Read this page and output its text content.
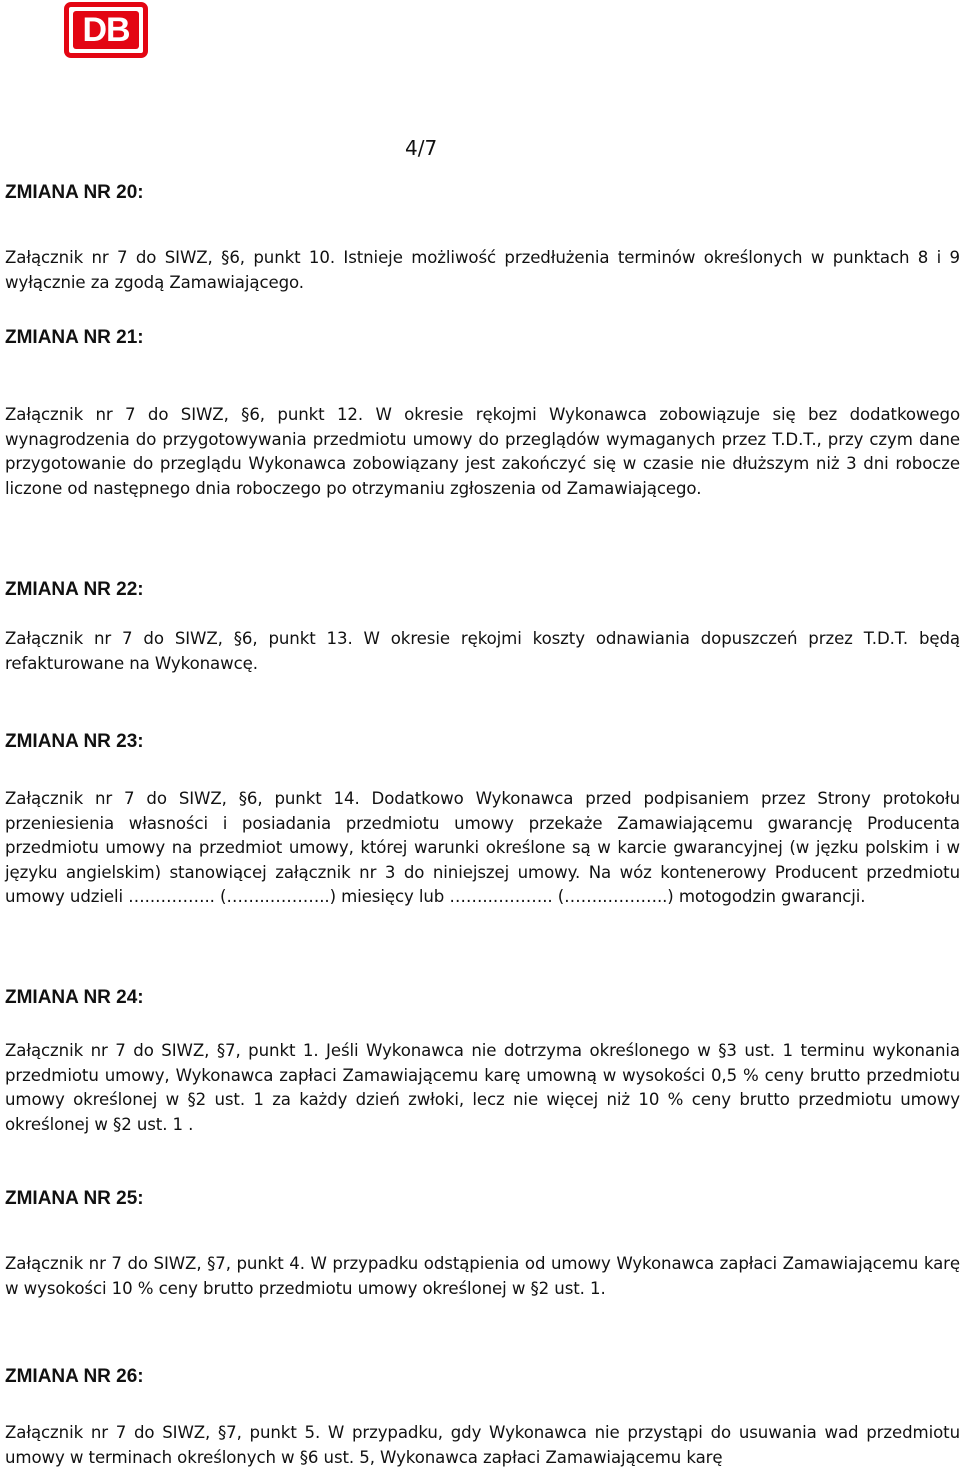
DB
4/7
ZMIANA NR 20:

Załącznik nr 7 do SIWZ, §6, punkt 10. Istnieje możliwość przedłużenia terminów określonych w punktach 8 i 9 wyłącznie za zgodą Zamawiającego.

ZMIANA NR 21:

Załącznik nr 7 do SIWZ, §6, punkt 12. W okresie rękojmi Wykonawca zobowiązuje się bez dodatkowego wynagrodzenia do przygotowywania przedmiotu umowy do przeglądów wymaganych przez T.D.T., przy czym dane przygotowanie do przeglądu Wykonawca zobowiązany jest zakończyć się w czasie nie dłuższym niż 3 dni robocze liczone od następnego dnia roboczego po otrzymaniu zgłoszenia od Zamawiającego.

ZMIANA NR 22:

Załącznik nr 7 do SIWZ, §6, punkt 13. W okresie rękojmi koszty odnawiania dopuszczeń przez T.D.T. będą refakturowane na Wykonawcę.

ZMIANA NR 23:

Załącznik nr 7 do SIWZ, §6, punkt 14. Dodatkowo Wykonawca przed podpisaniem przez Strony protokołu przeniesienia własności i posiadania przedmiotu umowy przekaże Zamawiającemu gwarancję Producenta przedmiotu umowy na przedmiot umowy, której warunki określone są w karcie gwarancyjnej (w jęzku polskim i w języku angielskim) stanowiącej załącznik nr 3 do niniejszej umowy. Na wóz kontenerowy Producent przedmiotu umowy udzieli …..……….. (……..………..) miesięcy lub ……..……….. (……..………..) motogodzin gwarancji.

ZMIANA NR 24:

Załącznik nr 7 do SIWZ, §7, punkt 1. Jeśli Wykonawca nie dotrzyma określonego w §3 ust. 1 terminu wykonania przedmiotu umowy, Wykonawca zapłaci Zamawiającemu karę umowną w wysokości 0,5 % ceny brutto przedmiotu umowy określonej w §2 ust. 1 za każdy dzień zwłoki, lecz nie więcej niż 10 % ceny brutto przedmiotu umowy określonej w §2 ust. 1 .

ZMIANA NR 25:

Załącznik nr 7 do SIWZ, §7, punkt 4. W przypadku odstąpienia od umowy Wykonawca zapłaci Zamawiającemu karę w wysokości 10 % ceny brutto przedmiotu umowy określonej w §2 ust. 1.

ZMIANA NR 26:

Załącznik nr 7 do SIWZ, §7, punkt 5. W przypadku, gdy Wykonawca nie przystąpi do usuwania wad przedmiotu umowy w terminach określonych w §6 ust. 5, Wykonawca zapłaci Zamawiającemu karę
